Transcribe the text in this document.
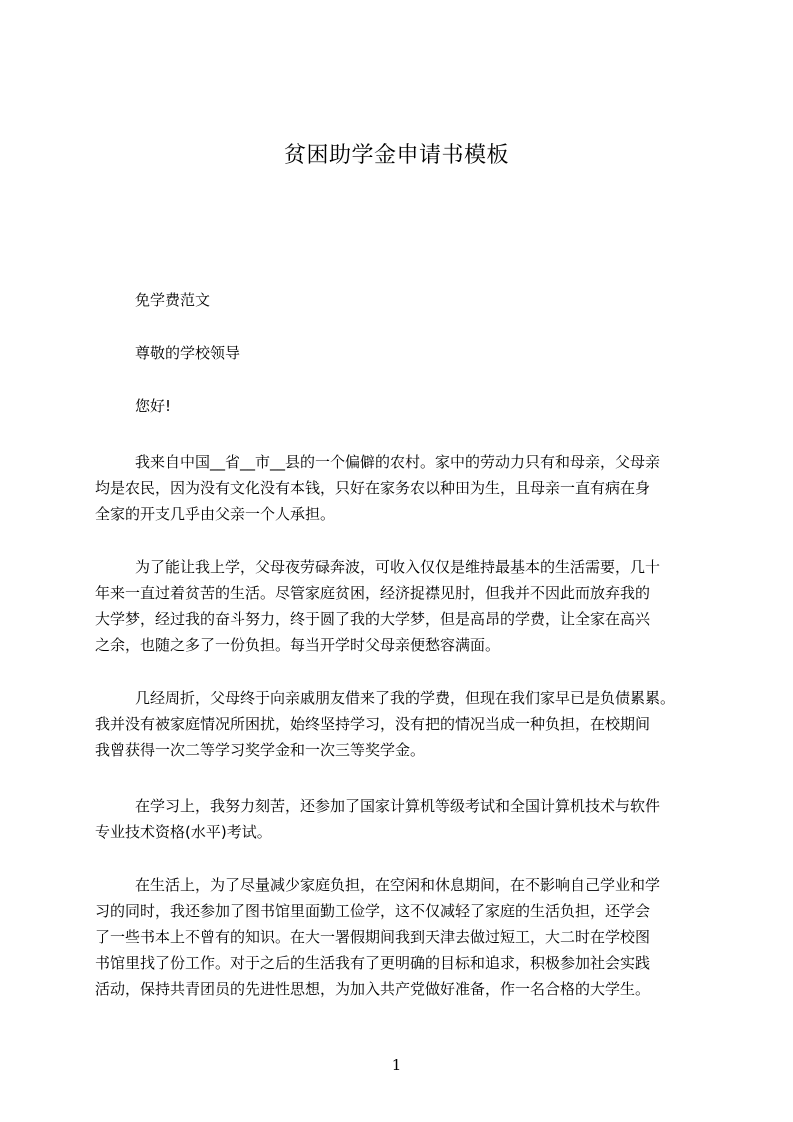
贫困助学金申请书模板
免学费范文
尊敬的学校领导
您好!
我来自中国__省__市__县的一个偏僻的农村。家中的劳动力只有和母亲，父母亲
均是农民，因为没有文化没有本钱，只好在家务农以种田为生，且母亲一直有病在身
全家的开支几乎由父亲一个人承担。
为了能让我上学，父母夜劳碌奔波，可收入仅仅是维持最基本的生活需要，几十
年来一直过着贫苦的生活。尽管家庭贫困，经济捉襟见肘，但我并不因此而放弃我的
大学梦，经过我的奋斗努力，终于圆了我的大学梦，但是高昂的学费，让全家在高兴
之余，也随之多了一份负担。每当开学时父母亲便愁容满面。
几经周折，父母终于向亲戚朋友借来了我的学费，但现在我们家早已是负债累累。
我并没有被家庭情况所困扰，始终坚持学习，没有把的情况当成一种负担，在校期间
我曾获得一次二等学习奖学金和一次三等奖学金。
在学习上，我努力刻苦，还参加了国家计算机等级考试和全国计算机技术与软件
专业技术资格(水平)考试。
在生活上，为了尽量减少家庭负担，在空闲和休息期间，在不影响自己学业和学
习的同时，我还参加了图书馆里面勤工俭学，这不仅减轻了家庭的生活负担，还学会
了一些书本上不曾有的知识。在大一署假期间我到天津去做过短工，大二时在学校图
书馆里找了份工作。对于之后的生活我有了更明确的目标和追求，积极参加社会实践
活动，保持共青团员的先进性思想，为加入共产党做好准备，作一名合格的大学生。
1
